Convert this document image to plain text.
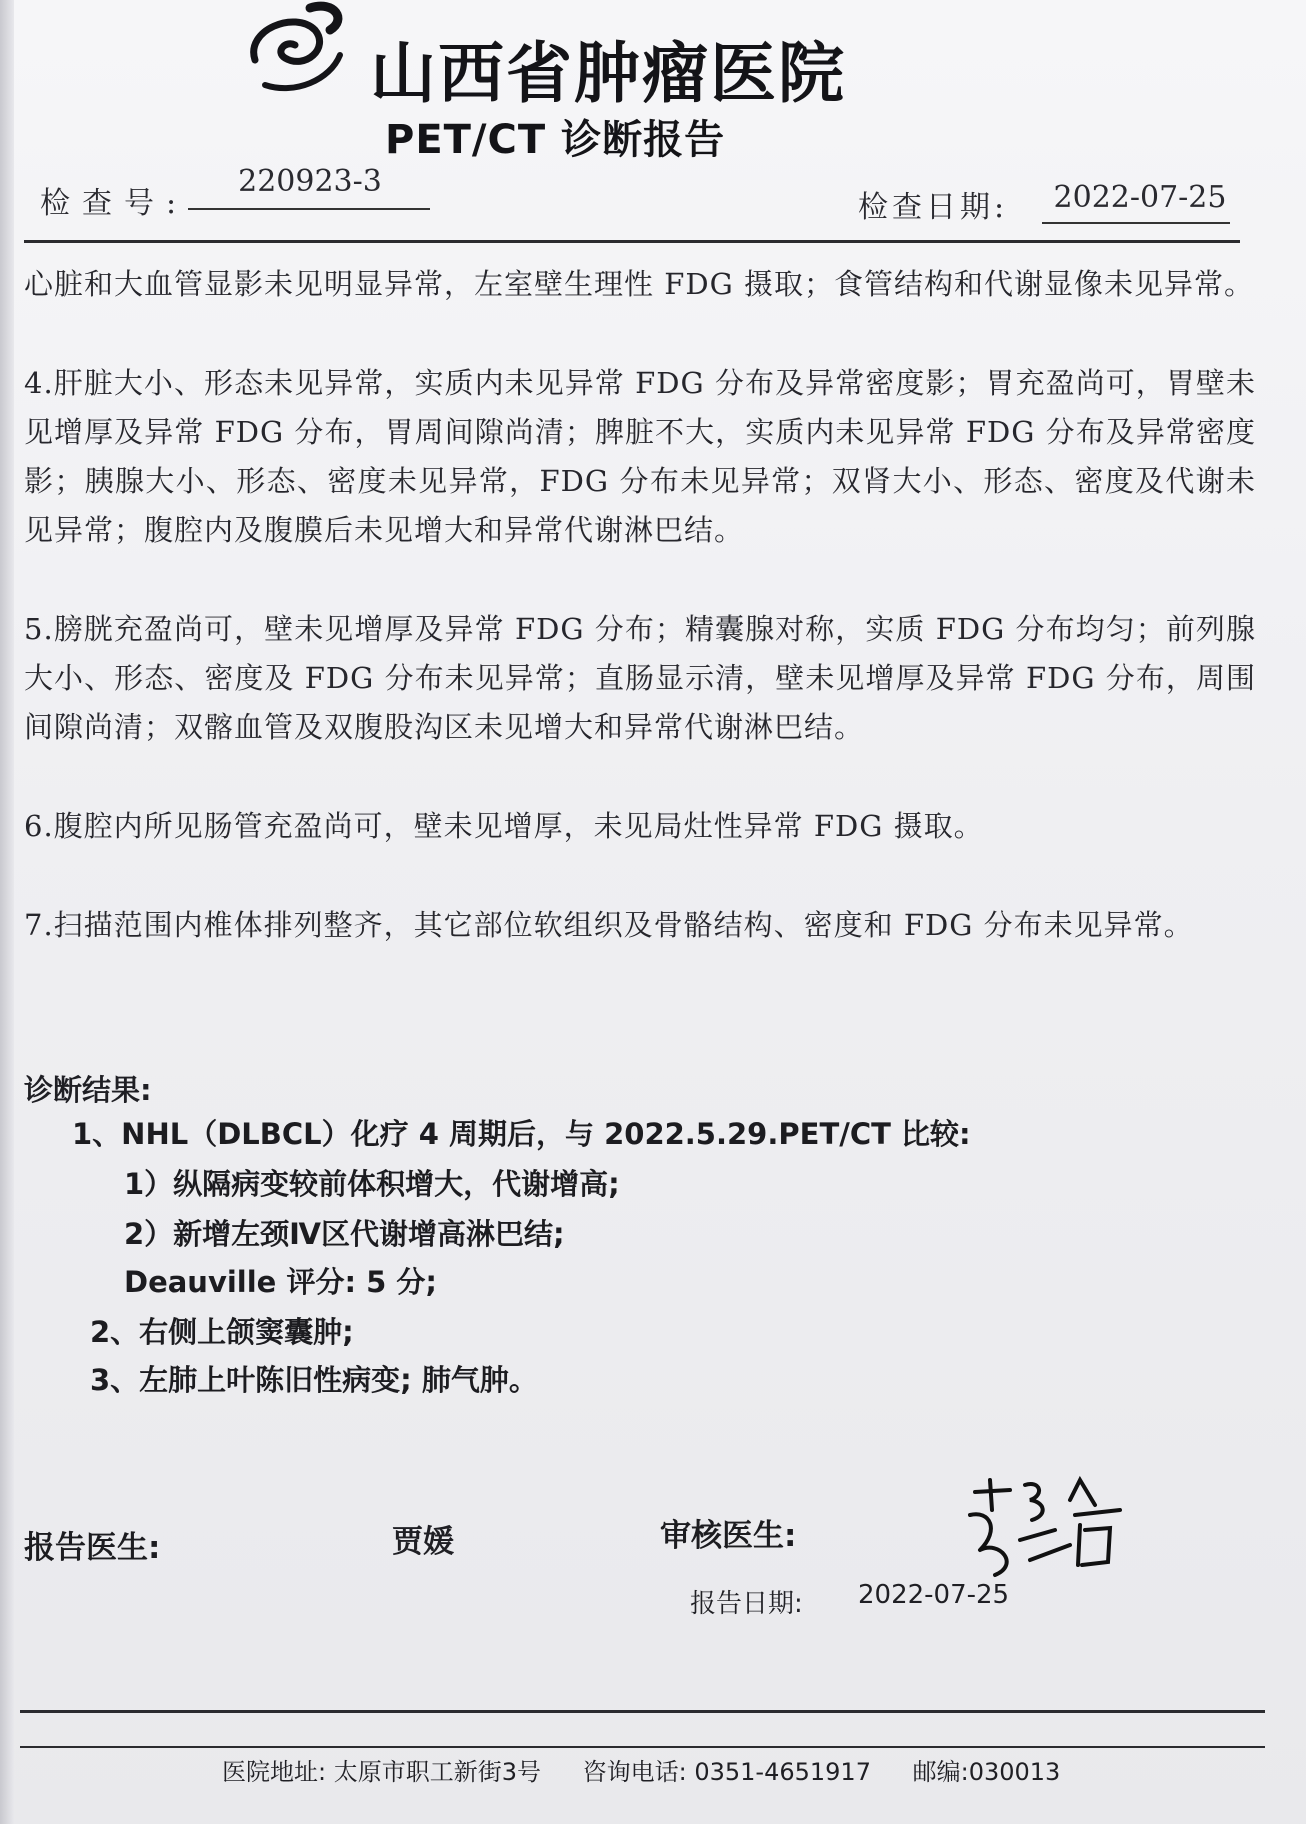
山西省肿瘤医院
PET/CT 诊断报告
检查号:
220923-3
检查日期: 2022-07-25

心脏和大血管显影未见明显异常，左室壁生理性 FDG 摄取；食管结构和代谢显像未见异常。

4.肝脏大小、形态未见异常，实质内未见异常 FDG 分布及异常密度影；胃充盈尚可，胃壁未见增厚及异常 FDG 分布，胃周间隙尚清；脾脏不大，实质内未见异常 FDG 分布及异常密度影；胰腺大小、形态、密度未见异常，FDG 分布未见异常；双肾大小、形态、密度及代谢未见异常；腹腔内及腹膜后未见增大和异常代谢淋巴结。

5.膀胱充盈尚可，壁未见增厚及异常 FDG 分布；精囊腺对称，实质 FDG 分布均匀；前列腺大小、形态、密度及 FDG 分布未见异常；直肠显示清，壁未见增厚及异常 FDG 分布，周围间隙尚清；双髂血管及双腹股沟区未见增大和异常代谢淋巴结。

6.腹腔内所见肠管充盈尚可，壁未见增厚，未见局灶性异常 FDG 摄取。

7.扫描范围内椎体排列整齐，其它部位软组织及骨骼结构、密度和 FDG 分布未见异常。

诊断结果:
1、NHL（DLBCL）化疗 4 周期后，与 2022.5.29.PET/CT 比较:
1）纵隔病变较前体积增大，代谢增高;
2）新增左颈Ⅳ区代谢增高淋巴结;
Deauville 评分: 5 分;
2、右侧上颌窦囊肿;
3、左肺上叶陈旧性病变; 肺气肿。
报告医生:	贾媛	审核医生:
报告日期: 2022-07-25
医院地址: 太原市职工新街3号 咨询电话: 0351-4651917 邮编:030013
